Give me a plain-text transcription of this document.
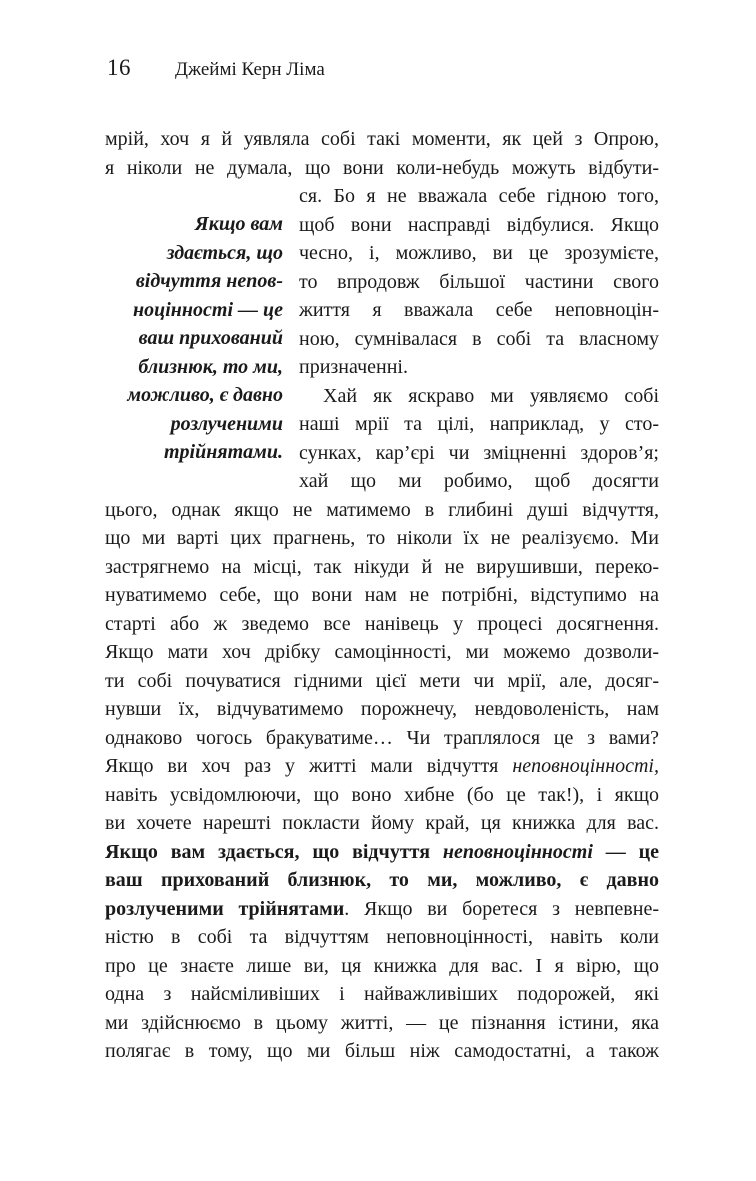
16 Джеймі Керн Ліма
Якщо вам
здається, що
відчуття непов-
ноцінності — це
ваш прихований
близнюк, то ми,
можливо, є давно
розлученими
трійнятами.
мрій, хоч я й уявляла собі такі моменти, як цей з Опрою,
я ніколи не думала, що вони коли-небудь можуть відбути-
ся. Бо я не вважала себе гідною того,
щоб вони насправді відбулися. Якщо
чесно, і, можливо, ви це зрозумієте,
то впродовж більшої частини свого
життя я вважала себе неповноцін-
ною, сумнівалася в собі та власному
призначенні.
Хай як яскраво ми уявляємо собі
наші мрії та цілі, наприклад, у сто-
сунках, кар’єрі чи зміцненні здоров’я;
хай що ми робимо, щоб досягти
цього, однак якщо не матимемо в глибині душі відчуття,
що ми варті цих прагнень, то ніколи їх не реалізуємо. Ми
застрягнемо на місці, так нікуди й не вирушивши, переко-
нуватимемо себе, що вони нам не потрібні, відступимо на
старті або ж зведемо все нанівець у процесі досягнення.
Якщо мати хоч дрібку самоцінності, ми можемо дозволи-
ти собі почуватися гідними цієї мети чи мрії, але, досяг-
нувши їх, відчуватимемо порожнечу, невдоволеність, нам
однаково чогось бракуватиме… Чи траплялося це з вами?
Якщо ви хоч раз у житті мали відчуття неповноцінності,
навіть усвідомлюючи, що воно хибне (бо це так!), і якщо
ви хочете нарешті покласти йому край, ця книжка для вас.
Якщо вам здається, що відчуття неповноцінності — це
ваш прихований близнюк, то ми, можливо, є давно
розлученими трійнятами. Якщо ви боретеся з невпевне-
ністю в собі та відчуттям неповноцінності, навіть коли
про це знаєте лише ви, ця книжка для вас. І я вірю, що
одна з найсміливіших і найважливіших подорожей, які
ми здійснюємо в цьому житті, — це пізнання істини, яка
полягає в тому, що ми більш ніж самодостатні, а також
